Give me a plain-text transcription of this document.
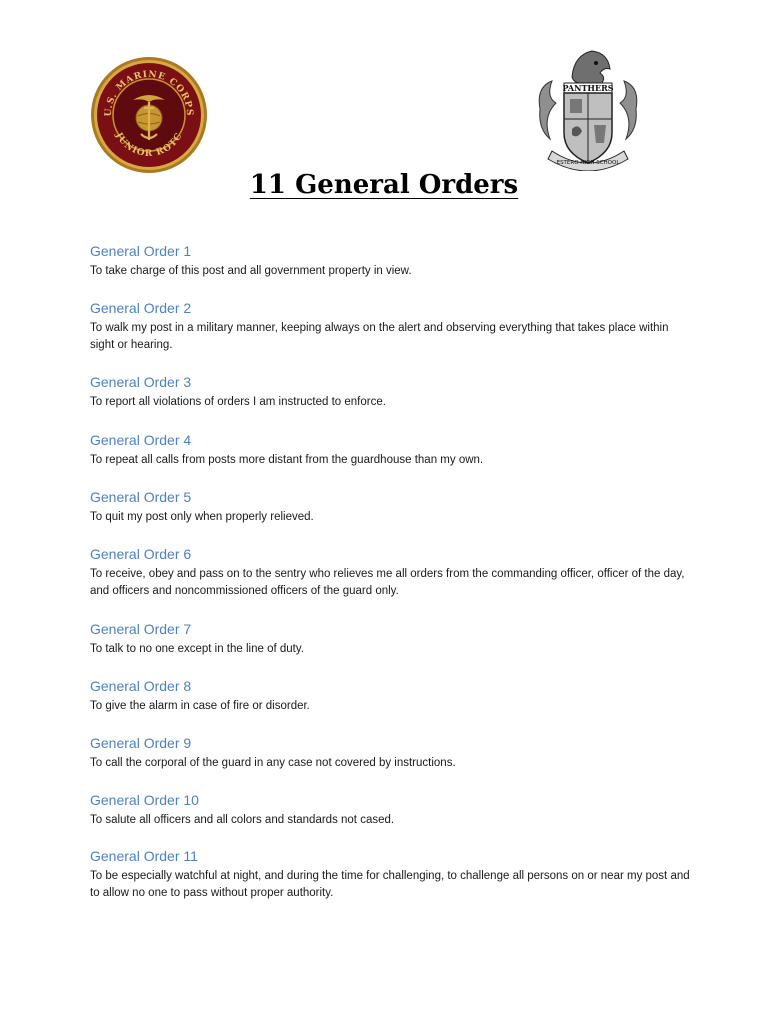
U.S. MARINE CORPS
JUNIOR ROTC
PANTHERS
ESTERO HIGH SCHOOL
11 General Orders
General Order 1
To take charge of this post and all government property in view.
General Order 2
To walk my post in a military manner, keeping always on the alert and observing everything that takes place within sight or hearing.
General Order 3
To report all violations of orders I am instructed to enforce.
General Order 4
To repeat all calls from posts more distant from the guardhouse than my own.
General Order 5
To quit my post only when properly relieved.
General Order 6
To receive, obey and pass on to the sentry who relieves me all orders from the commanding officer, officer of the day, and officers and noncommissioned officers of the guard only.
General Order 7
To talk to no one except in the line of duty.
General Order 8
To give the alarm in case of fire or disorder.
General Order 9
To call the corporal of the guard in any case not covered by instructions.
General Order 10
To salute all officers and all colors and standards not cased.
General Order 11
To be especially watchful at night, and during the time for challenging, to challenge all persons on or near my post and to allow no one to pass without proper authority.
